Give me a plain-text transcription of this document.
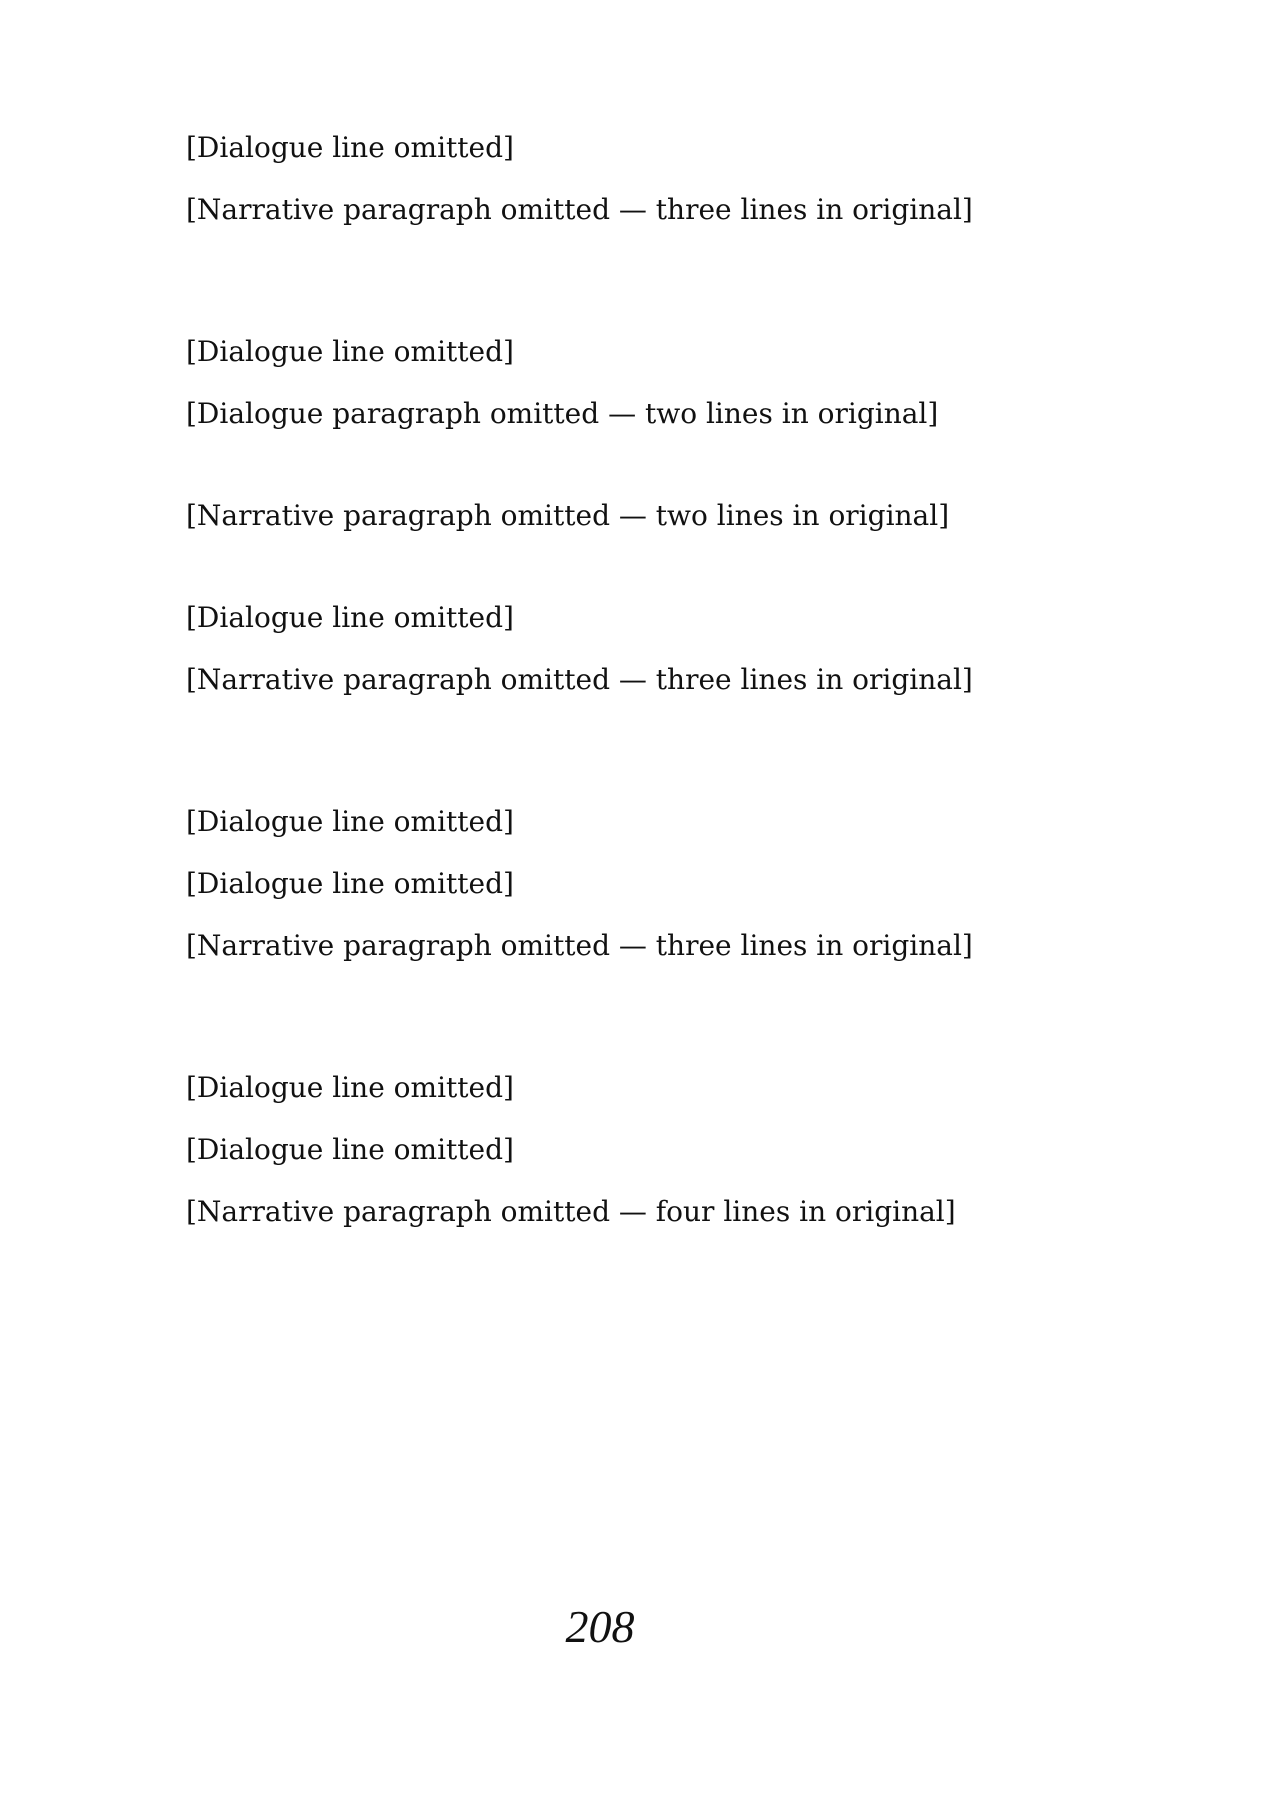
[Dialogue line omitted]

[Narrative paragraph omitted — three lines in original]

[Dialogue line omitted]

[Dialogue paragraph omitted — two lines in original]

[Narrative paragraph omitted — two lines in original]

[Dialogue line omitted]

[Narrative paragraph omitted — three lines in original]

[Dialogue line omitted]

[Dialogue line omitted]

[Narrative paragraph omitted — three lines in original]

[Dialogue line omitted]

[Dialogue line omitted]

[Narrative paragraph omitted — four lines in original]

208
